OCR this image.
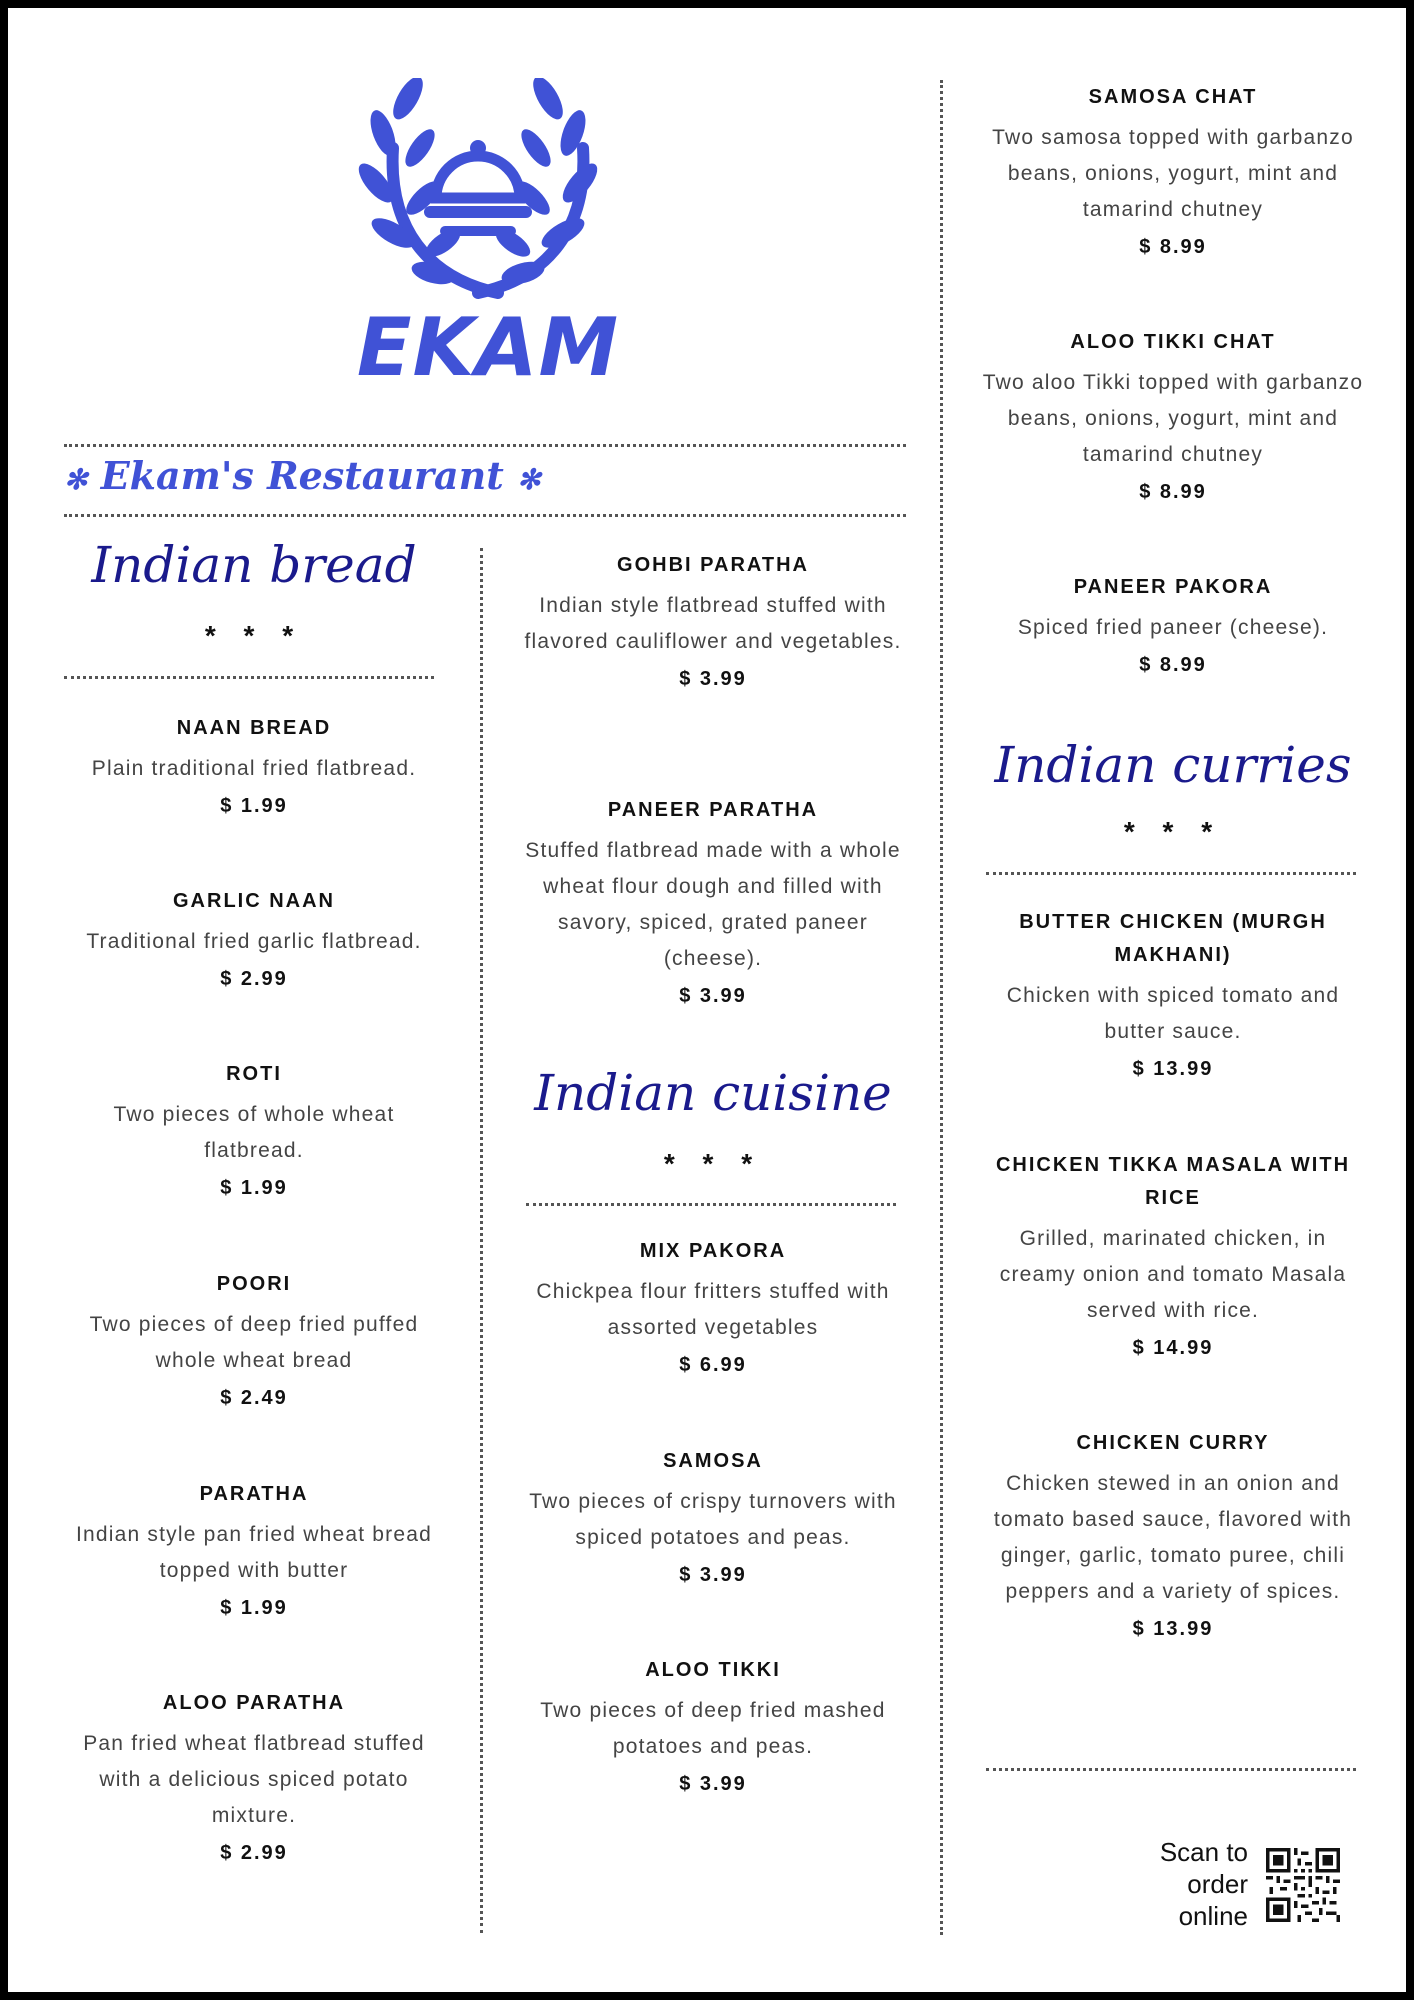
EKAM
✻ Ekam's Restaurant ✻
Indian bread
* * *
NAAN BREAD
Plain traditional fried flatbread.
$ 1.99
GARLIC NAAN
Traditional fried garlic flatbread.
$ 2.99
ROTI
Two pieces of whole wheat flatbread.
$ 1.99
POORI
Two pieces of deep fried puffed whole wheat bread
$ 2.49
PARATHA
Indian style pan fried wheat bread topped with butter
$ 1.99
ALOO PARATHA
Pan fried wheat flatbread stuffed with a delicious spiced potato mixture.
$ 2.99
GOHBI PARATHA
Indian style flatbread stuffed with flavored cauliflower and vegetables.
$ 3.99
PANEER PARATHA
Stuffed flatbread made with a whole wheat flour dough and filled with savory, spiced, grated paneer (cheese).
$ 3.99
Indian cuisine
* * *
MIX PAKORA
Chickpea flour fritters stuffed with assorted vegetables
$ 6.99
SAMOSA
Two pieces of crispy turnovers with spiced potatoes and peas.
$ 3.99
ALOO TIKKI
Two pieces of deep fried mashed potatoes and peas.
$ 3.99
SAMOSA CHAT
Two samosa topped with garbanzo beans, onions, yogurt, mint and tamarind chutney
$ 8.99
ALOO TIKKI CHAT
Two aloo Tikki topped with garbanzo beans, onions, yogurt, mint and tamarind chutney
$ 8.99
PANEER PAKORA
Spiced fried paneer (cheese).
$ 8.99
Indian curries
* * *
BUTTER CHICKEN (MURGH MAKHANI)
Chicken with spiced tomato and butter sauce.
$ 13.99
CHICKEN TIKKA MASALA WITH RICE
Grilled, marinated chicken, in creamy onion and tomato Masala served with rice.
$ 14.99
CHICKEN CURRY
Chicken stewed in an onion and tomato based sauce, flavored with ginger, garlic, tomato puree, chili peppers and a variety of spices.
$ 13.99
Scan to
order
online
